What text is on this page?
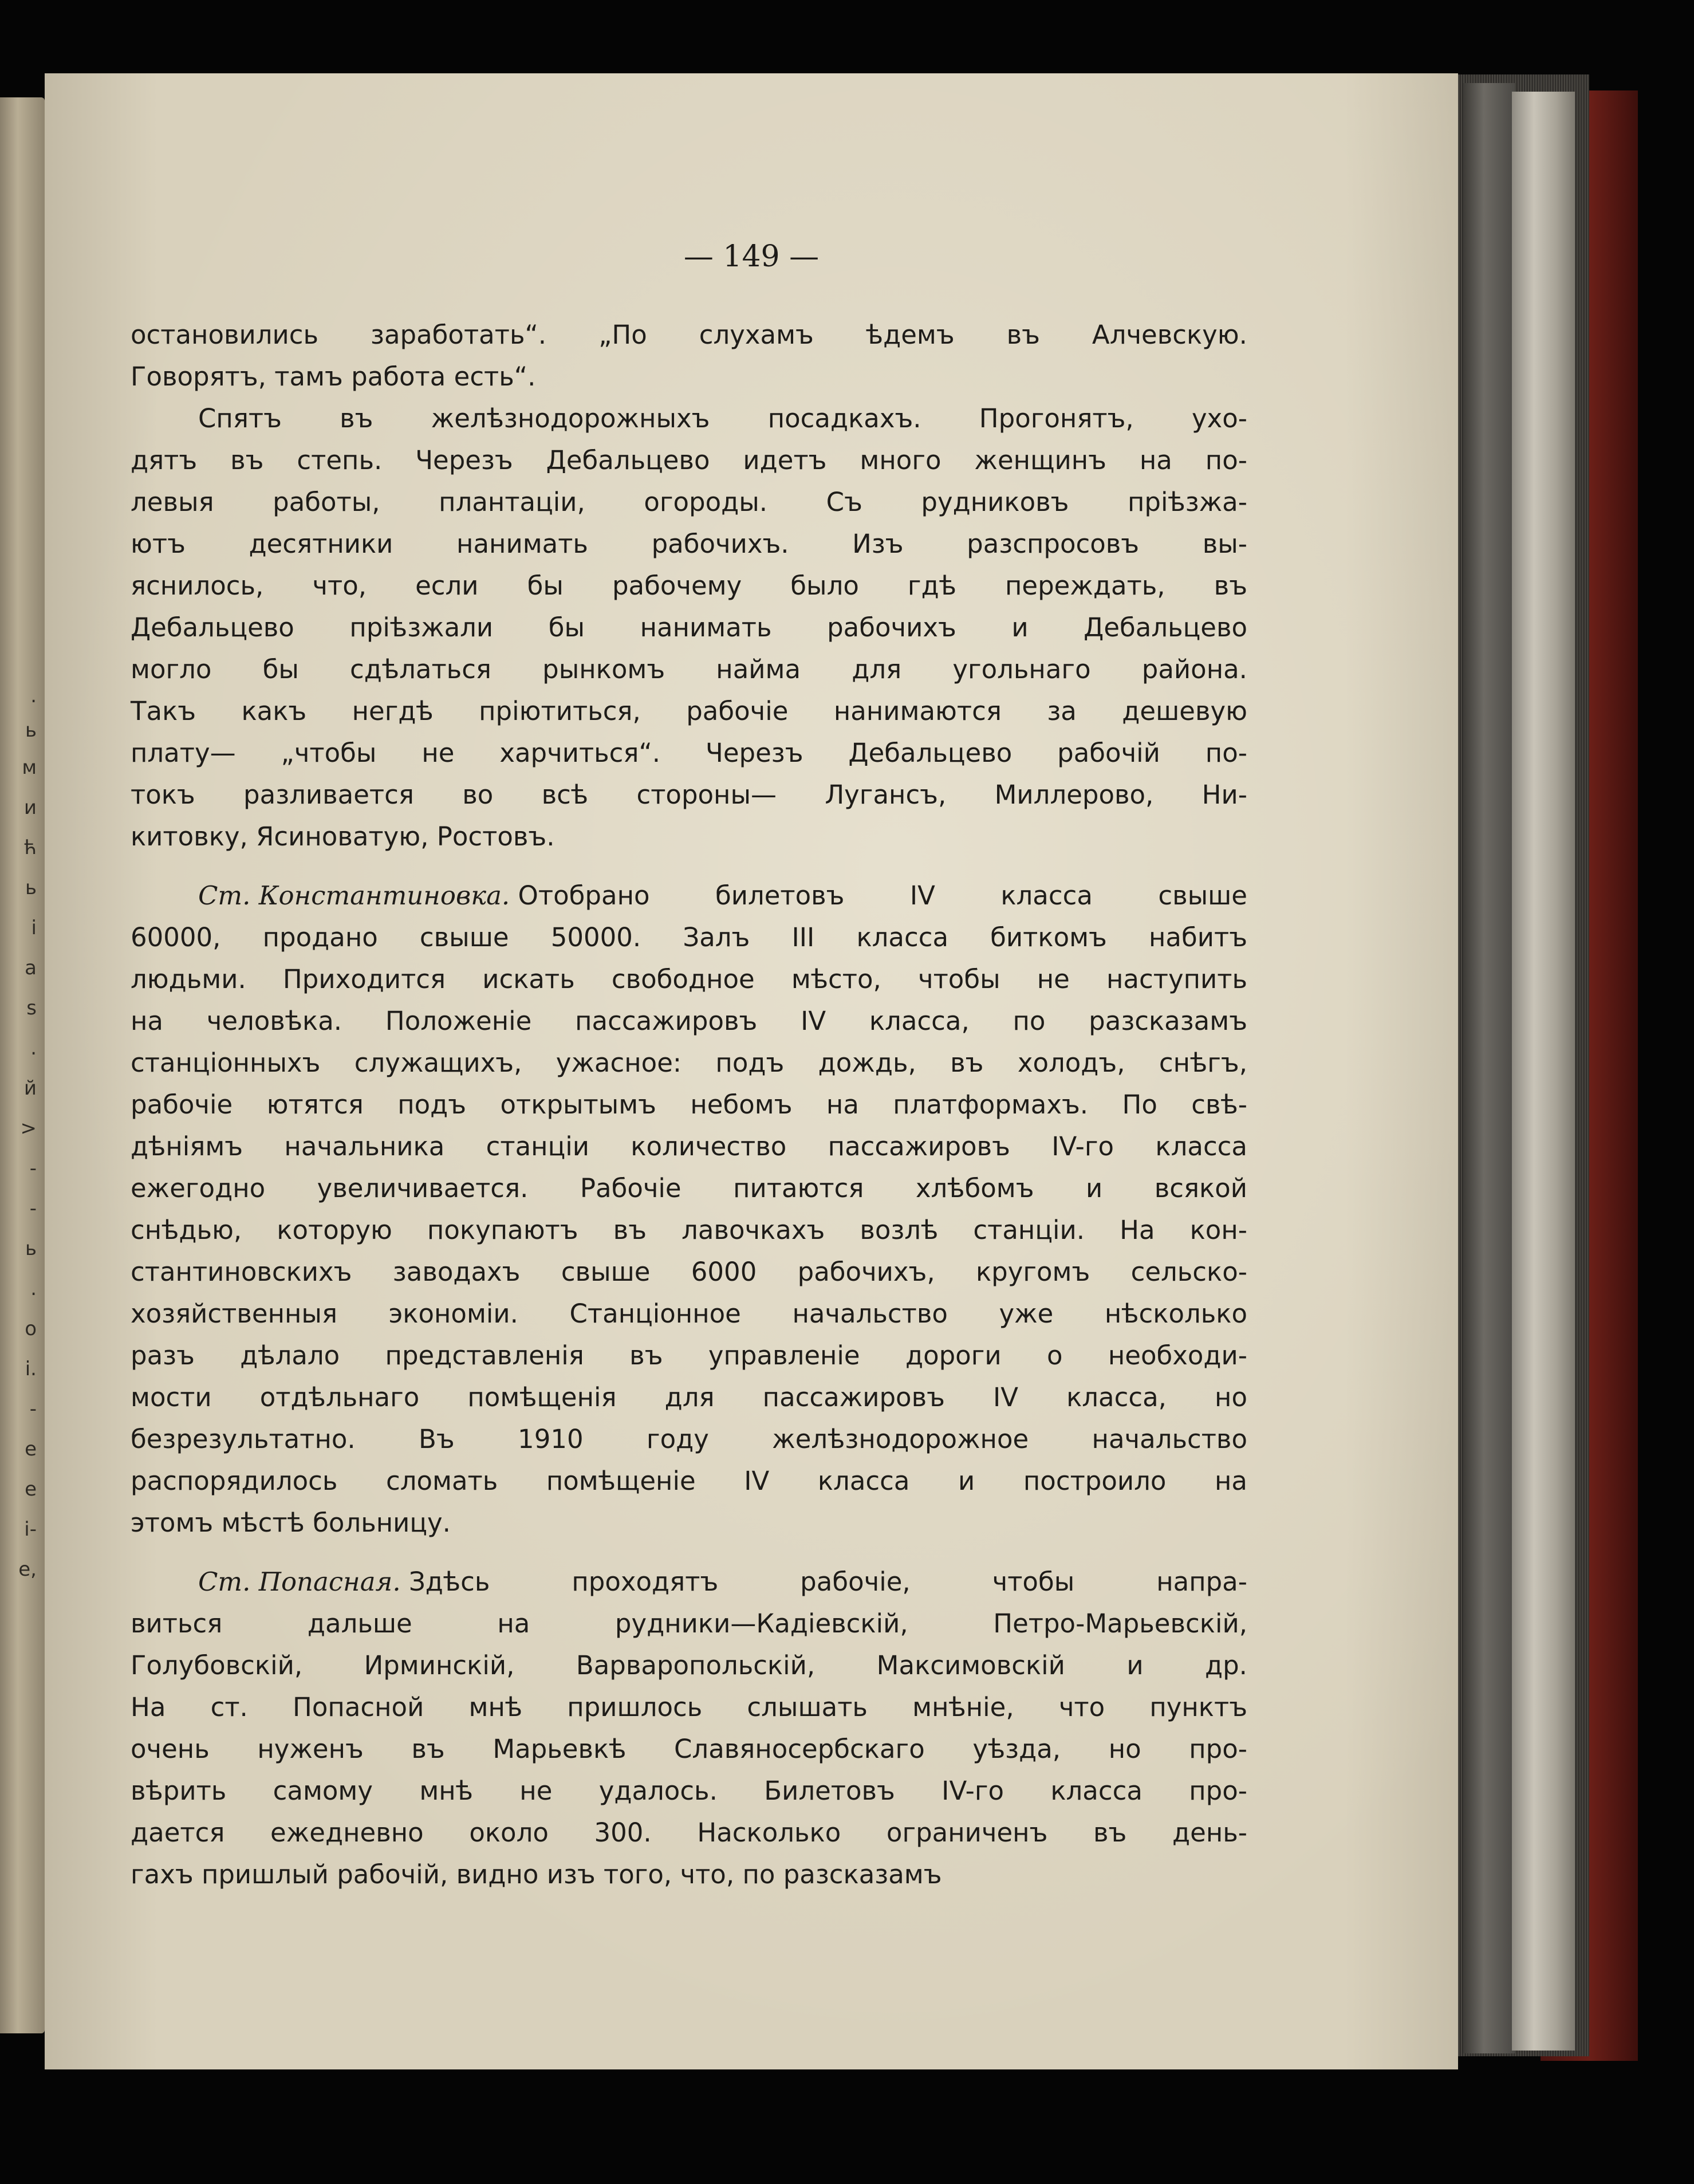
.
ь
м
и
ћ
ь
і
а
s
.
й
>
-
-
ь
.
о
і.
-
е
е
і-
е,
— 149 —
остановились заработать“. „По слухамъ ѣдемъ въ Алчевскую.
Говорятъ, тамъ работа есть“.
Спятъ въ желѣзнодорожныхъ посадкахъ. Прогонятъ, ухо-
дятъ въ степь. Черезъ Дебальцево идетъ много женщинъ на по-
левыя работы, плантаціи, огороды. Съ рудниковъ пріѣзжа-
ютъ десятники нанимать рабочихъ. Изъ разспросовъ вы-
яснилось, что, если бы рабочему было гдѣ переждать, въ
Дебальцево пріѣзжали бы нанимать рабочихъ и Дебальцево
могло бы сдѣлаться рынкомъ найма для угольнаго района.
Такъ какъ негдѣ пріютиться, рабочіе нанимаются за дешевую
плату— „чтобы не харчиться“. Черезъ Дебальцево рабочій по-
токъ разливается во всѣ стороны— Лугансъ, Миллерово, Ни-
китовку, Ясиноватую, Ростовъ.
Ст. Константиновка.
Отобрано билетовъ IV класса свыше
60000, продано свыше 50000. Залъ III класса биткомъ набитъ
людьми. Приходится искать свободное мѣсто, чтобы не наступить
на человѣка. Положеніе пассажировъ IV класса, по разсказамъ
станціонныхъ служащихъ, ужасное: подъ дождь, въ холодъ, снѣгъ,
рабочіе ютятся подъ открытымъ небомъ на платформахъ. По свѣ-
дѣніямъ начальника станціи количество пассажировъ IV-го класса
ежегодно увеличивается. Рабочіе питаются хлѣбомъ и всякой
снѣдью, которую покупаютъ въ лавочкахъ возлѣ станціи. На кон-
стантиновскихъ заводахъ свыше 6000 рабочихъ, кругомъ сельско-
хозяйственныя экономіи. Станціонное начальство уже нѣсколько
разъ дѣлало представленія въ управленіе дороги о необходи-
мости отдѣльнаго помѣщенія для пассажировъ IV класса, но
безрезультатно. Въ 1910 году желѣзнодорожное начальство
распорядилось сломать помѣщеніе IV класса и построило на
этомъ мѣстѣ больницу.
Ст. Попасная.
Здѣсь проходятъ рабочіе, чтобы напра-
виться дальше на рудники—Кадіевскій, Петро-Марьевскій,
Голубовскій, Ирминскій, Варваропольскій, Максимовскій и др.
На ст. Попасной мнѣ пришлось слышать мнѣніе, что пунктъ
очень нуженъ въ Марьевкѣ Славяносербскаго уѣзда, но про-
вѣрить самому мнѣ не удалось. Билетовъ IV-го класса про-
дается ежедневно около 300. Насколько ограниченъ въ день-
гахъ пришлый рабочій, видно изъ того, что, по разсказамъ
